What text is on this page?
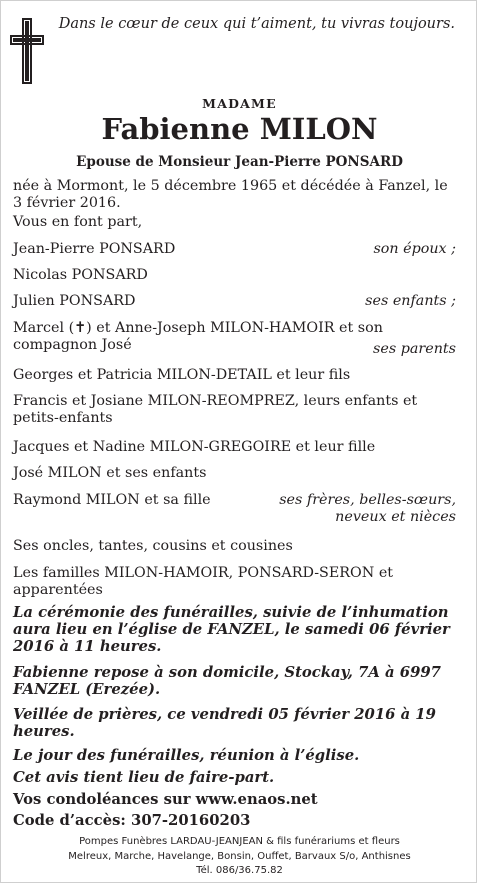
Dans le cœur de ceux qui t’aiment, tu vivras toujours.
MADAME
Fabienne MILON
Epouse de Monsieur Jean-Pierre PONSARD
née à Mormont, le 5 décembre 1965 et décédée à Fanzel, le 3 février 2016.
Vous en font part,
Jean-Pierre PONSARD	son époux ;
Nicolas PONSARD
Julien PONSARD	ses enfants ;
Marcel (✝) et Anne-Joseph MILON-HAMOIR et son compagnon José	ses parents
Georges et Patricia MILON-DETAIL et leur fils
Francis et Josiane MILON-REOMPREZ, leurs enfants et petits-enfants
Jacques et Nadine MILON-GREGOIRE et leur fille
José MILON et ses enfants
Raymond MILON et sa fille	ses frères, belles-sœurs, neveux et nièces
Ses oncles, tantes, cousins et cousines
Les familles MILON-HAMOIR, PONSARD-SERON et apparentées
La cérémonie des funérailles, suivie de l’inhumation aura lieu en l’église de FANZEL, le samedi 06 février 2016 à 11 heures.
Fabienne repose à son domicile, Stockay, 7A à 6997 FANZEL (Erezée).
Veillée de prières, ce vendredi 05 février 2016 à 19 heures.
Le jour des funérailles, réunion à l’église.
Cet avis tient lieu de faire-part.
Vos condoléances sur www.enaos.net
Code d’accès: 307-20160203
Pompes Funèbres LARDAU-JEANJEAN & fils funérariums et fleurs
Melreux, Marche, Havelange, Bonsin, Ouffet, Barvaux S/o, Anthisnes
Tél. 086/36.75.82
